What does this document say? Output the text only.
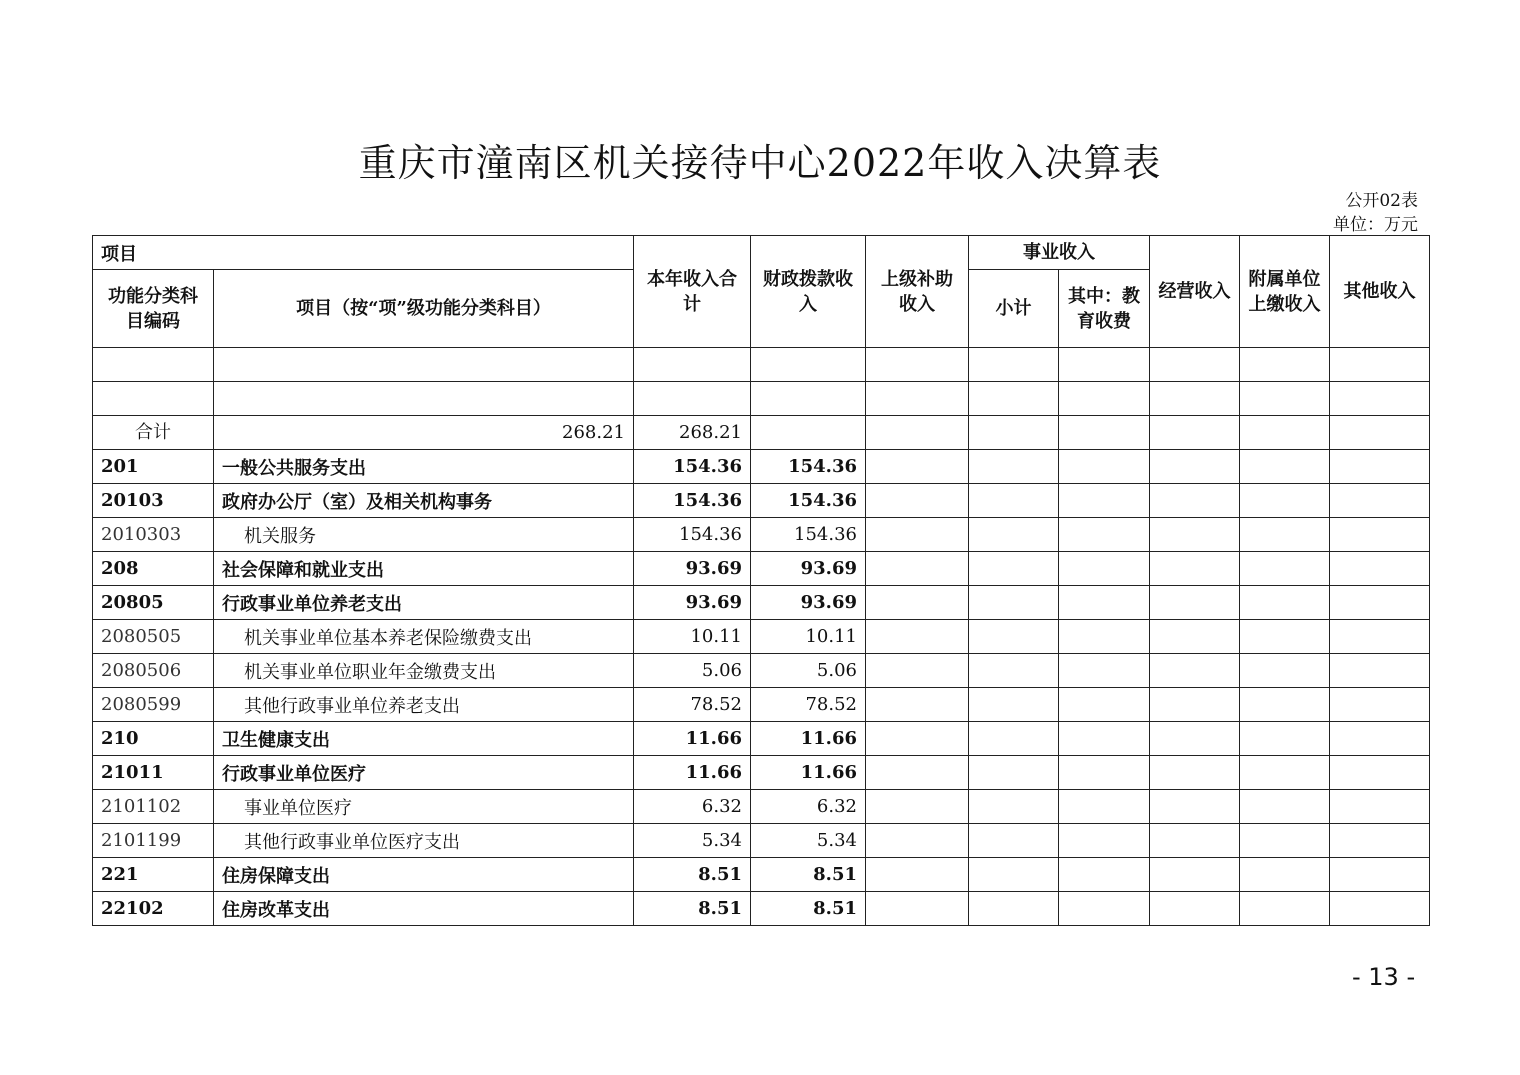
重庆市潼南区机关接待中心2022年收入决算表
公开02表
单位：万元
项目		本年收入合计	财政拨款收入	上级补助收入	事业收入		经营收入	附属单位上缴收入	其他收入
功能分类科目编码	项目（按“项”级功能分类科目）				小计	其中：教育收费			

合计	268.21	268.21							
201	一般公共服务支出	154.36	154.36						
20103	政府办公厅（室）及相关机构事务	154.36	154.36						
2010303	机关服务	154.36	154.36						
208	社会保障和就业支出	93.69	93.69						
20805	行政事业单位养老支出	93.69	93.69						
2080505	机关事业单位基本养老保险缴费支出	10.11	10.11						
2080506	机关事业单位职业年金缴费支出	5.06	5.06						
2080599	其他行政事业单位养老支出	78.52	78.52						
210	卫生健康支出	11.66	11.66						
21011	行政事业单位医疗	11.66	11.66						
2101102	事业单位医疗	6.32	6.32						
2101199	其他行政事业单位医疗支出	5.34	5.34						
221	住房保障支出	8.51	8.51						
22102	住房改革支出	8.51	8.51						
- 13 -
